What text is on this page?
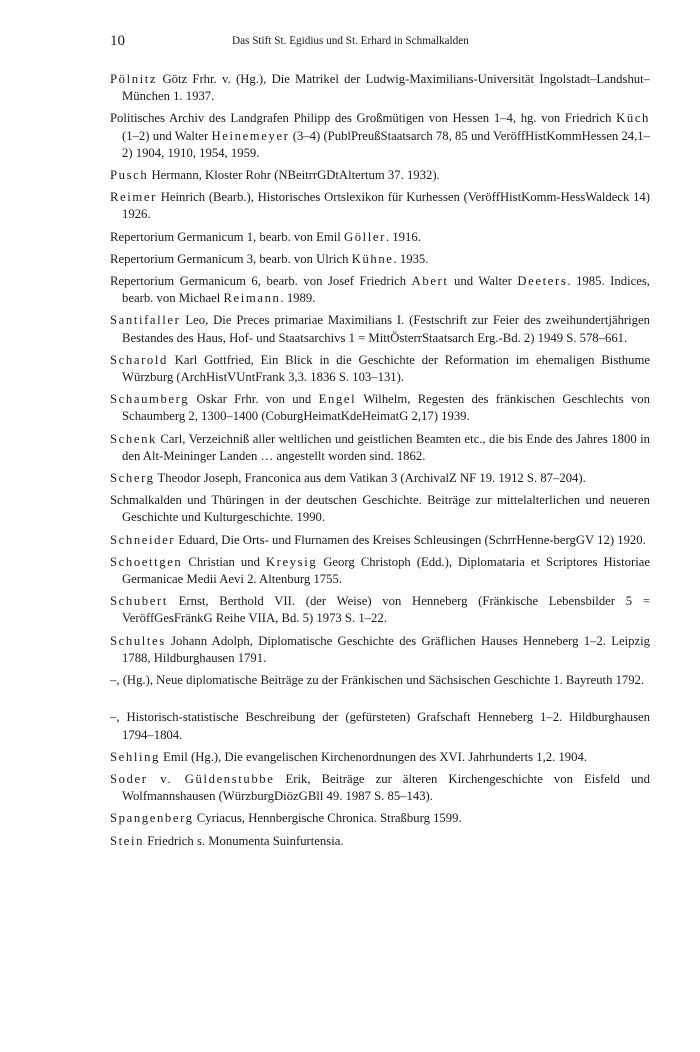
10	Das Stift St. Egidius und St. Erhard in Schmalkalden

Pölnitz Götz Frhr. v. (Hg.), Die Matrikel der Ludwig-Maximilians-Universität Ingolstadt–Landshut–München 1. 1937.

Politisches Archiv des Landgrafen Philipp des Großmütigen von Hessen 1–4, hg. von Friedrich Küch (1–2) und Walter Heinemeyer (3–4) (PublPreußStaatsarch 78, 85 und VeröffHistKommHessen 24,1–2) 1904, 1910, 1954, 1959.

Pusch Hermann, Kloster Rohr (NBeitrrGDtAltertum 37. 1932).

Reimer Heinrich (Bearb.), Historisches Ortslexikon für Kurhessen (VeröffHistKomm-HessWaldeck 14) 1926.

Repertorium Germanicum 1, bearb. von Emil Göller. 1916.

Repertorium Germanicum 3, bearb. von Ulrich Kühne. 1935.

Repertorium Germanicum 6, bearb. von Josef Friedrich Abert und Walter Deeters. 1985. Indices, bearb. von Michael Reimann. 1989.

Santifaller Leo, Die Preces primariae Maximilians I. (Festschrift zur Feier des zweihundertjährigen Bestandes des Haus, Hof- und Staatsarchivs 1 = MittÖsterrStaatsarch Erg.-Bd. 2) 1949 S. 578–661.

Scharold Karl Gottfried, Ein Blick in die Geschichte der Reformation im ehemaligen Bisthume Würzburg (ArchHistVUntFrank 3,3. 1836 S. 103–131).

Schaumberg Oskar Frhr. von und Engel Wilhelm, Regesten des fränkischen Geschlechts von Schaumberg 2, 1300–1400 (CoburgHeimatKdeHeimatG 2,17) 1939.

Schenk Carl, Verzeichniß aller weltlichen und geistlichen Beamten etc., die bis Ende des Jahres 1800 in den Alt-Meininger Landen … angestellt worden sind. 1862.

Scherg Theodor Joseph, Franconica aus dem Vatikan 3 (ArchivalZ NF 19. 1912 S. 87–204).

Schmalkalden und Thüringen in der deutschen Geschichte. Beiträge zur mittelalterlichen und neueren Geschichte und Kulturgeschichte. 1990.

Schneider Eduard, Die Orts- und Flurnamen des Kreises Schleusingen (SchrrHenne-bergGV 12) 1920.

Schoettgen Christian und Kreysig Georg Christoph (Edd.), Diplomataria et Scriptores Historiae Germanicae Medii Aevi 2. Altenburg 1755.

Schubert Ernst, Berthold VII. (der Weise) von Henneberg (Fränkische Lebensbilder 5 = VeröffGesFränkG Reihe VIIA, Bd. 5) 1973 S. 1–22.

Schultes Johann Adolph, Diplomatische Geschichte des Gräflichen Hauses Henneberg 1–2. Leipzig 1788, Hildburghausen 1791.

–, (Hg.), Neue diplomatische Beiträge zu der Fränkischen und Sächsischen Geschichte 1. Bayreuth 1792.

–, Historisch-statistische Beschreibung der (gefürsteten) Grafschaft Henneberg 1–2. Hildburghausen 1794–1804.

Sehling Emil (Hg.), Die evangelischen Kirchenordnungen des XVI. Jahrhunderts 1,2. 1904.

Soder v. Güldenstubbe Erik, Beiträge zur älteren Kirchengeschichte von Eisfeld und Wolfmannshausen (WürzburgDiözGBll 49. 1987 S. 85–143).

Spangenberg Cyriacus, Hennbergische Chronica. Straßburg 1599.

Stein Friedrich s. Monumenta Suinfurtensia.
